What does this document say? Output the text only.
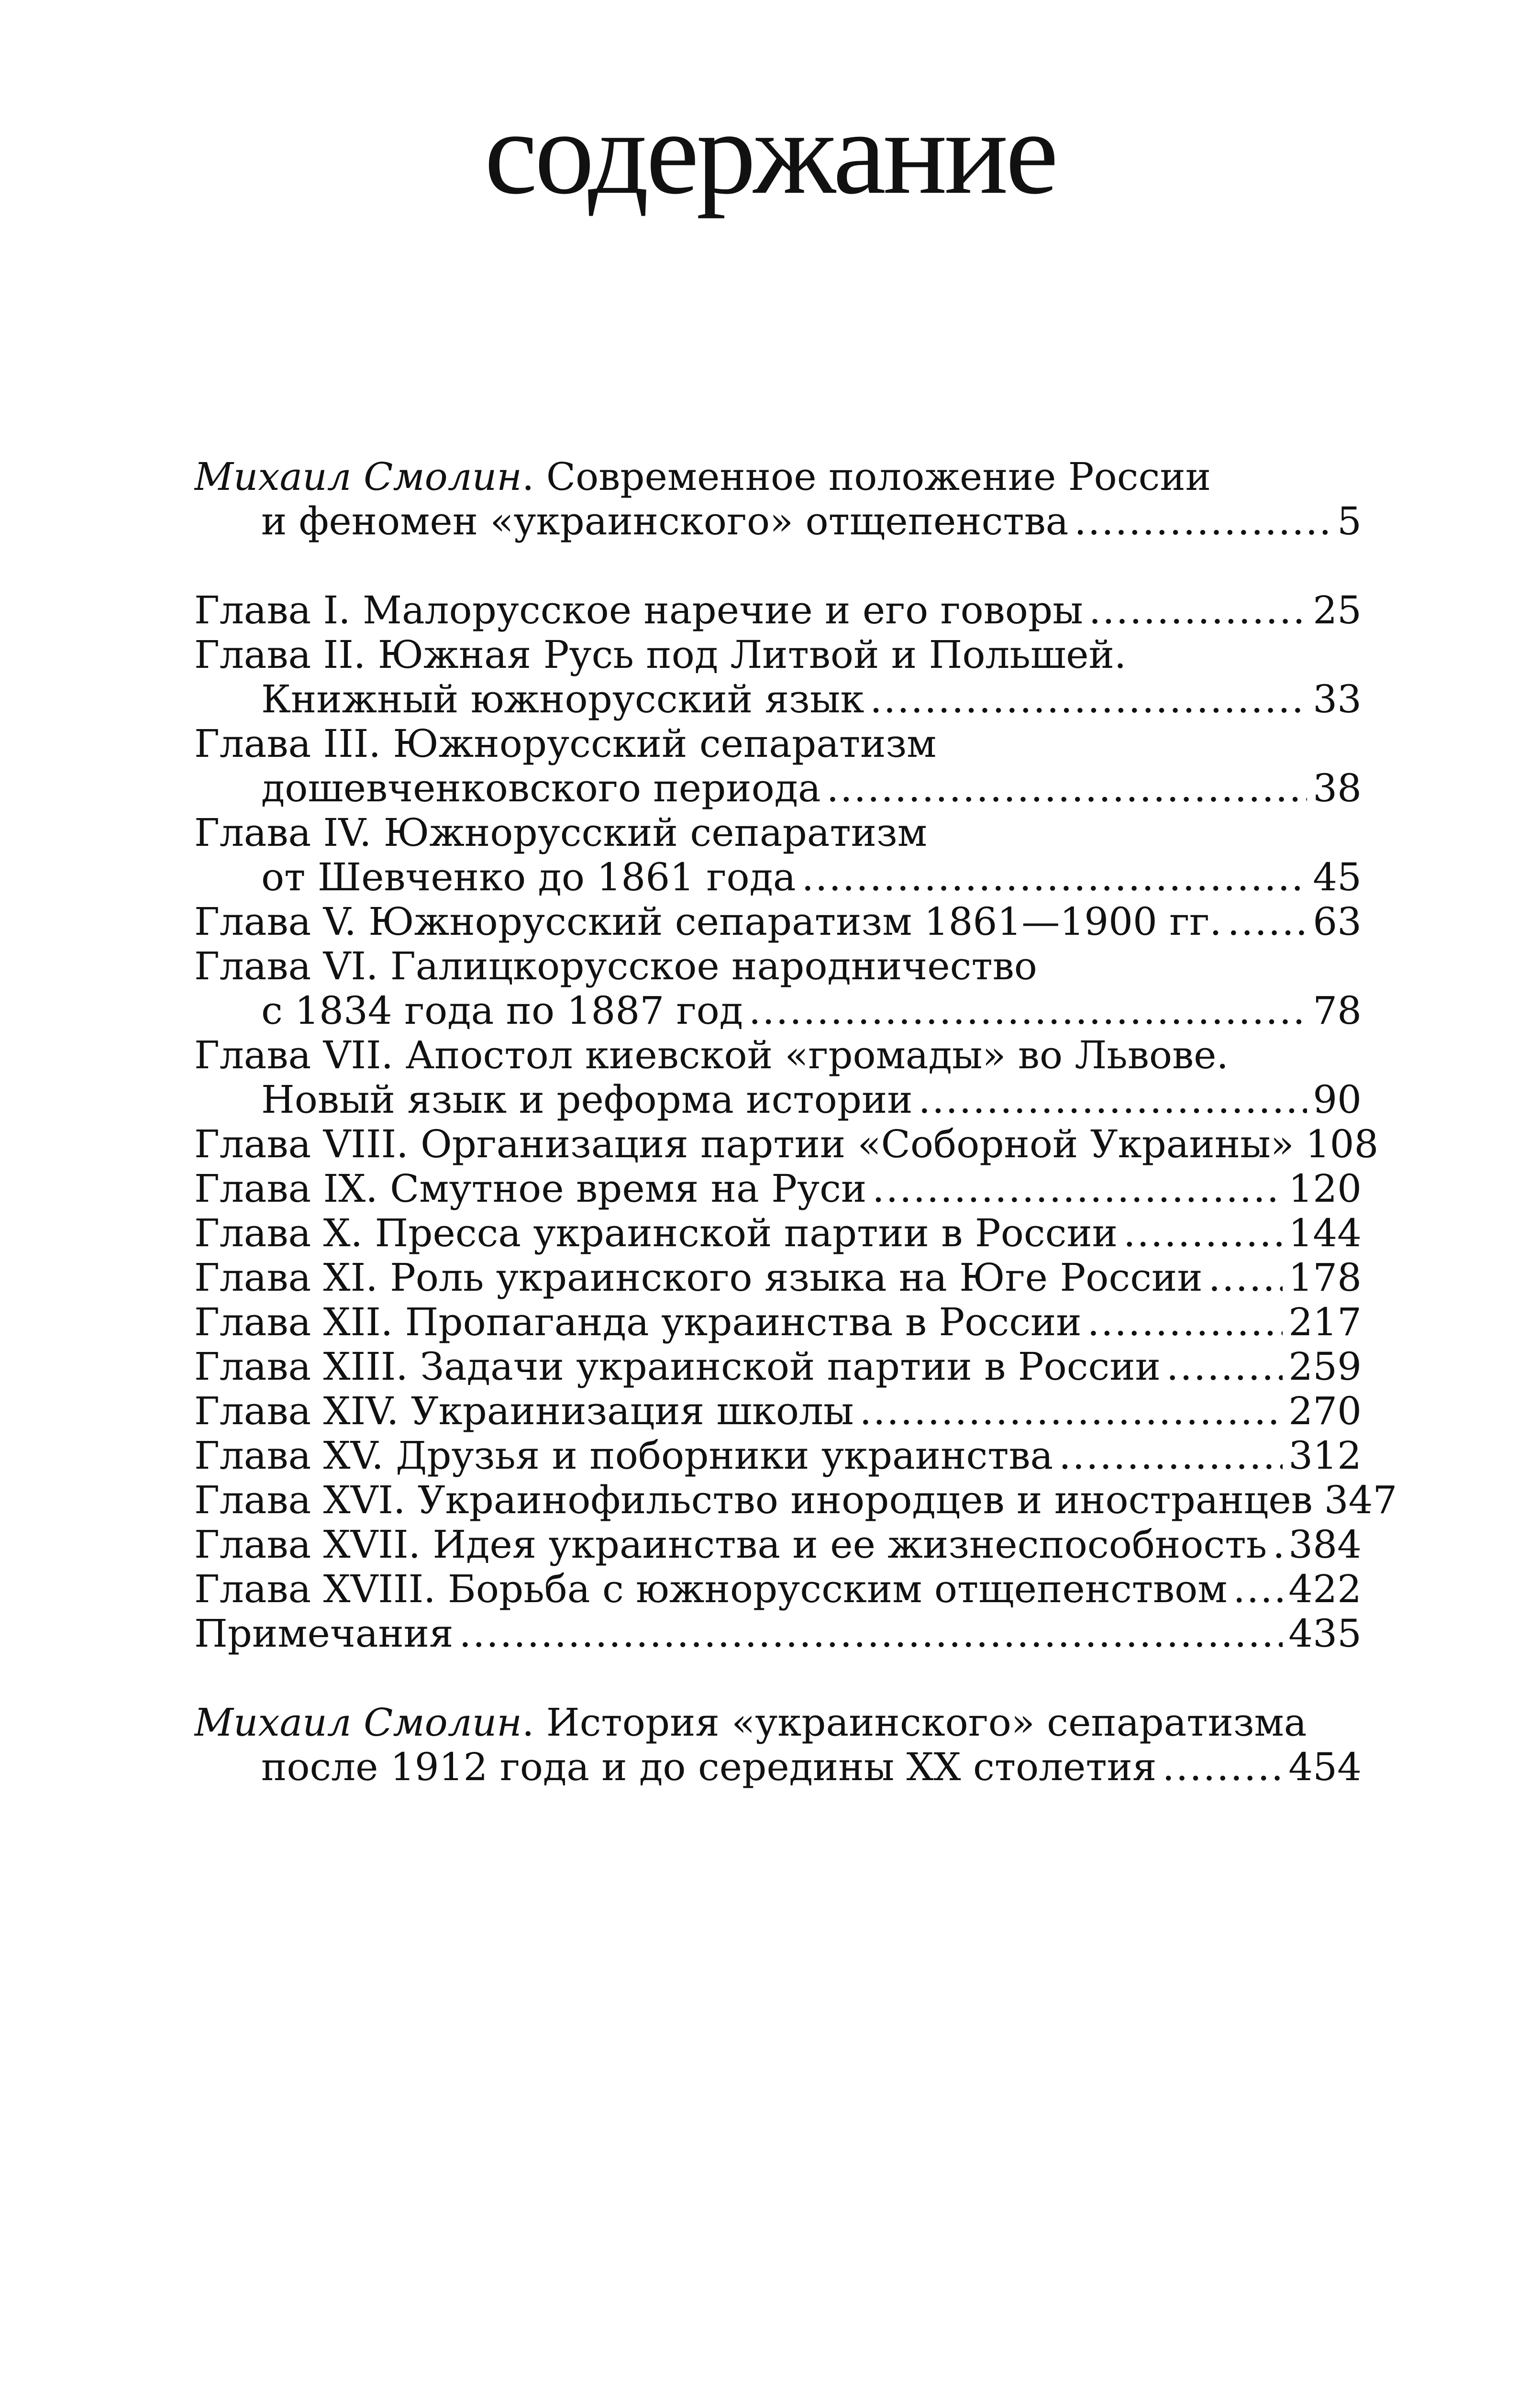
содержание
Михаил Смолин. Современное положение России
и феномен «украинского» отщепенства .....	5
Глава I. Малорусское наречие и его говоры .....	25
Глава II. Южная Русь под Литвой и Польшей.
Книжный южнорусский язык .....	33
Глава III. Южнорусский сепаратизм
дошевченковского периода .....	38
Глава IV. Южнорусский сепаратизм
от Шевченко до 1861 года .....	45
Глава V. Южнорусский сепаратизм 1861—1900 гг. ..... 63
Глава VI. Галицкорусское народничество
с 1834 года по 1887 год .....	78
Глава VII. Апостол киевской «громады» во Львове.
Новый язык и реформа истории .....	90
Глава VIII. Организация партии «Соборной Украины» 108
Глава IX. Смутное время на Руси .....	120
Глава X. Пресса украинской партии в России .....	144
Глава XI. Роль украинского языка на Юге России ..... 178
Глава XII. Пропаганда украинства в России .....	217
Глава XIII. Задачи украинской партии в России .....	259
Глава XIV. Украинизация школы .....	270
Глава XV. Друзья и поборники украинства .....	312
Глава XVI. Украинофильство инородцев и иностранцев 347
Глава XVII. Идея украинства и ее жизнеспособность ..... 384
Глава XVIII. Борьба с южнорусским отщепенством ..... 422
Примечания .....	435
Михаил Смолин. История «украинского» сепаратизма
после 1912 года и до середины XX столетия .....	454
